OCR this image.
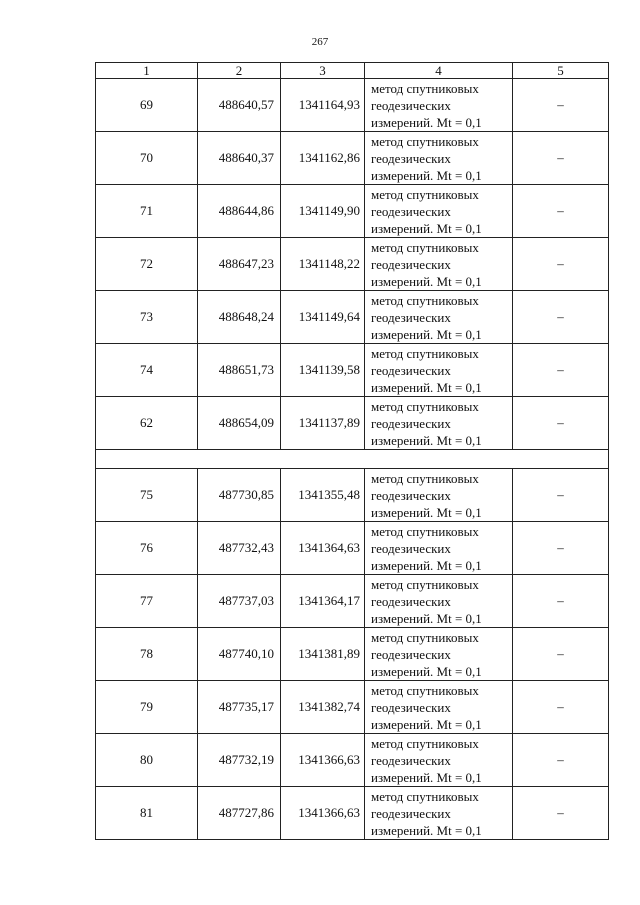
267
1	2	3	4	5
69	488640,57	1341164,93	метод спутниковых
геодезических
измерений. Mt = 0,1	–
70	488640,37	1341162,86	метод спутниковых
геодезических
измерений. Mt = 0,1	–
71	488644,86	1341149,90	метод спутниковых
геодезических
измерений. Mt = 0,1	–
72	488647,23	1341148,22	метод спутниковых
геодезических
измерений. Mt = 0,1	–
73	488648,24	1341149,64	метод спутниковых
геодезических
измерений. Mt = 0,1	–
74	488651,73	1341139,58	метод спутниковых
геодезических
измерений. Mt = 0,1	–
62	488654,09	1341137,89	метод спутниковых
геодезических
измерений. Mt = 0,1	–

75	487730,85	1341355,48	метод спутниковых
геодезических
измерений. Mt = 0,1	–
76	487732,43	1341364,63	метод спутниковых
геодезических
измерений. Mt = 0,1	–
77	487737,03	1341364,17	метод спутниковых
геодезических
измерений. Mt = 0,1	–
78	487740,10	1341381,89	метод спутниковых
геодезических
измерений. Mt = 0,1	–
79	487735,17	1341382,74	метод спутниковых
геодезических
измерений. Mt = 0,1	–
80	487732,19	1341366,63	метод спутниковых
геодезических
измерений. Mt = 0,1	–
81	487727,86	1341366,63	метод спутниковых
геодезических
измерений. Mt = 0,1	–
